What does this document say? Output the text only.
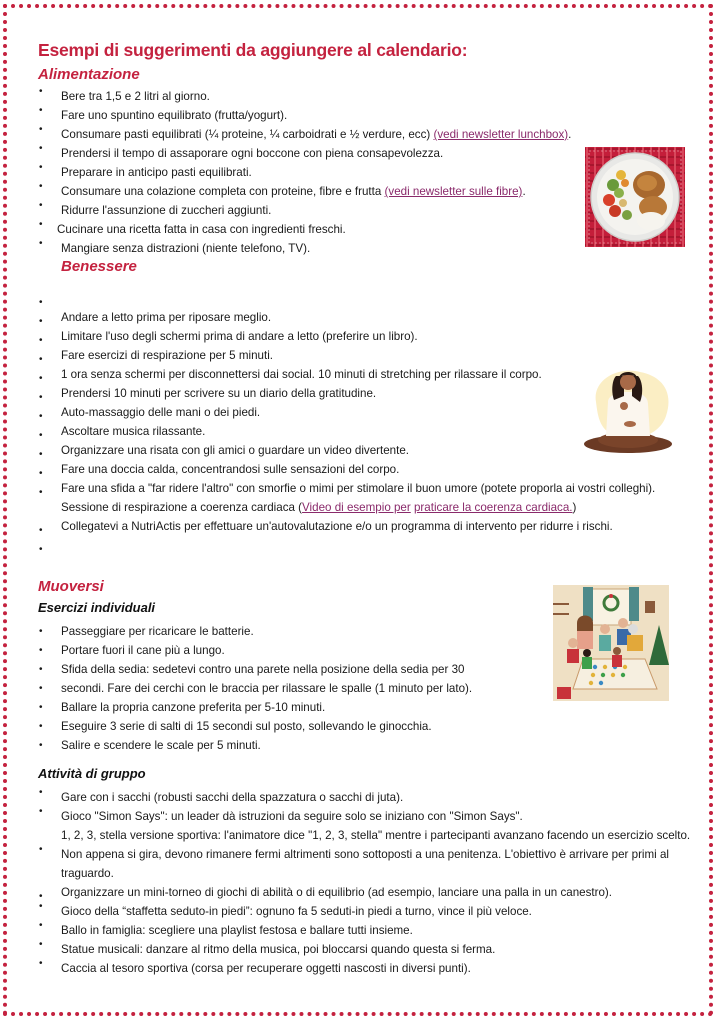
Esempi di suggerimenti da aggiungere al calendario:
Alimentazione
• Bere tra 1,5 e 2 litri al giorno.
• Fare uno spuntino equilibrato (frutta/yogurt).
• Consumare pasti equilibrati (¼ proteine, ¼ carboidrati e ½ verdure, ecc) (vedi newsletter lunchbox).
• Prendersi il tempo di assaporare ogni boccone con piena consapevolezza.
• Preparare in anticipo pasti equilibrati.
• Consumare una colazione completa con proteine, fibre e frutta (vedi newsletter sulle fibre).
• Ridurre l'assunzione di zuccheri aggiunti.
• Cucinare una ricetta fatta in casa con ingredienti freschi.
• Mangiare senza distrazioni (niente telefono, TV).
Benessere
•
• Andare a letto prima per riposare meglio.
• Limitare l'uso degli schermi prima di andare a letto (preferire un libro).
• Fare esercizi di respirazione per 5 minuti.
• 1 ora senza schermi per disconnettersi dai social. 10 minuti di stretching per rilassare il corpo.
• Prendersi 10 minuti per scrivere su un diario della gratitudine.
• Auto-massaggio delle mani o dei piedi.
• Ascoltare musica rilassante.
• Organizzare una risata con gli amici o guardare un video divertente.
• Fare una doccia calda, concentrandosi sulle sensazioni del corpo.
• Fare una sfida a "far ridere l'altro" con smorfie o mimi per stimolare il buon umore (potete proporla ai vostri colleghi).
Sessione di respirazione a coerenza cardiaca (Video di esempio per praticare la coerenza cardiaca.)
• Collegatevi a NutriActis per effettuare un'autovalutazione e/o un programma di intervento per ridurre i rischi.
•
Muoversi
Esercizi individuali
• Passeggiare per ricaricare le batterie.
• Portare fuori il cane più a lungo.
• Sfida della sedia: sedetevi contro una parete nella posizione della sedia per 30
• secondi. Fare dei cerchi con le braccia per rilassare le spalle (1 minuto per lato).
• Ballare la propria canzone preferita per 5-10 minuti.
• Eseguire 3 serie di salti di 15 secondi sul posto, sollevando le ginocchia.
• Salire e scendere le scale per 5 minuti.
Attività di gruppo
• Gare con i sacchi (robusti sacchi della spazzatura o sacchi di juta).
• Gioco "Simon Says": un leader dà istruzioni da seguire solo se iniziano con "Simon Says".
•
1, 2, 3, stella versione sportiva: l'animatore dice "1, 2, 3, stella" mentre i partecipanti avanzano facendo un esercizio scelto. Non appena si gira, devono rimanere fermi altrimenti sono sottoposti a una penitenza. L'obiettivo è arrivare per primi al traguardo.
• Organizzare un mini-torneo di giochi di abilità o di equilibrio (ad esempio, lanciare una palla in un canestro).
• Gioco della “staffetta seduto-in piedi”: ognuno fa 5 seduti-in piedi a turno, vince il più veloce.
• Ballo in famiglia: scegliere una playlist festosa e ballare tutti insieme.
• Statue musicali: danzare al ritmo della musica, poi bloccarsi quando questa si ferma.
• Caccia al tesoro sportiva (corsa per recuperare oggetti nascosti in diversi punti).
